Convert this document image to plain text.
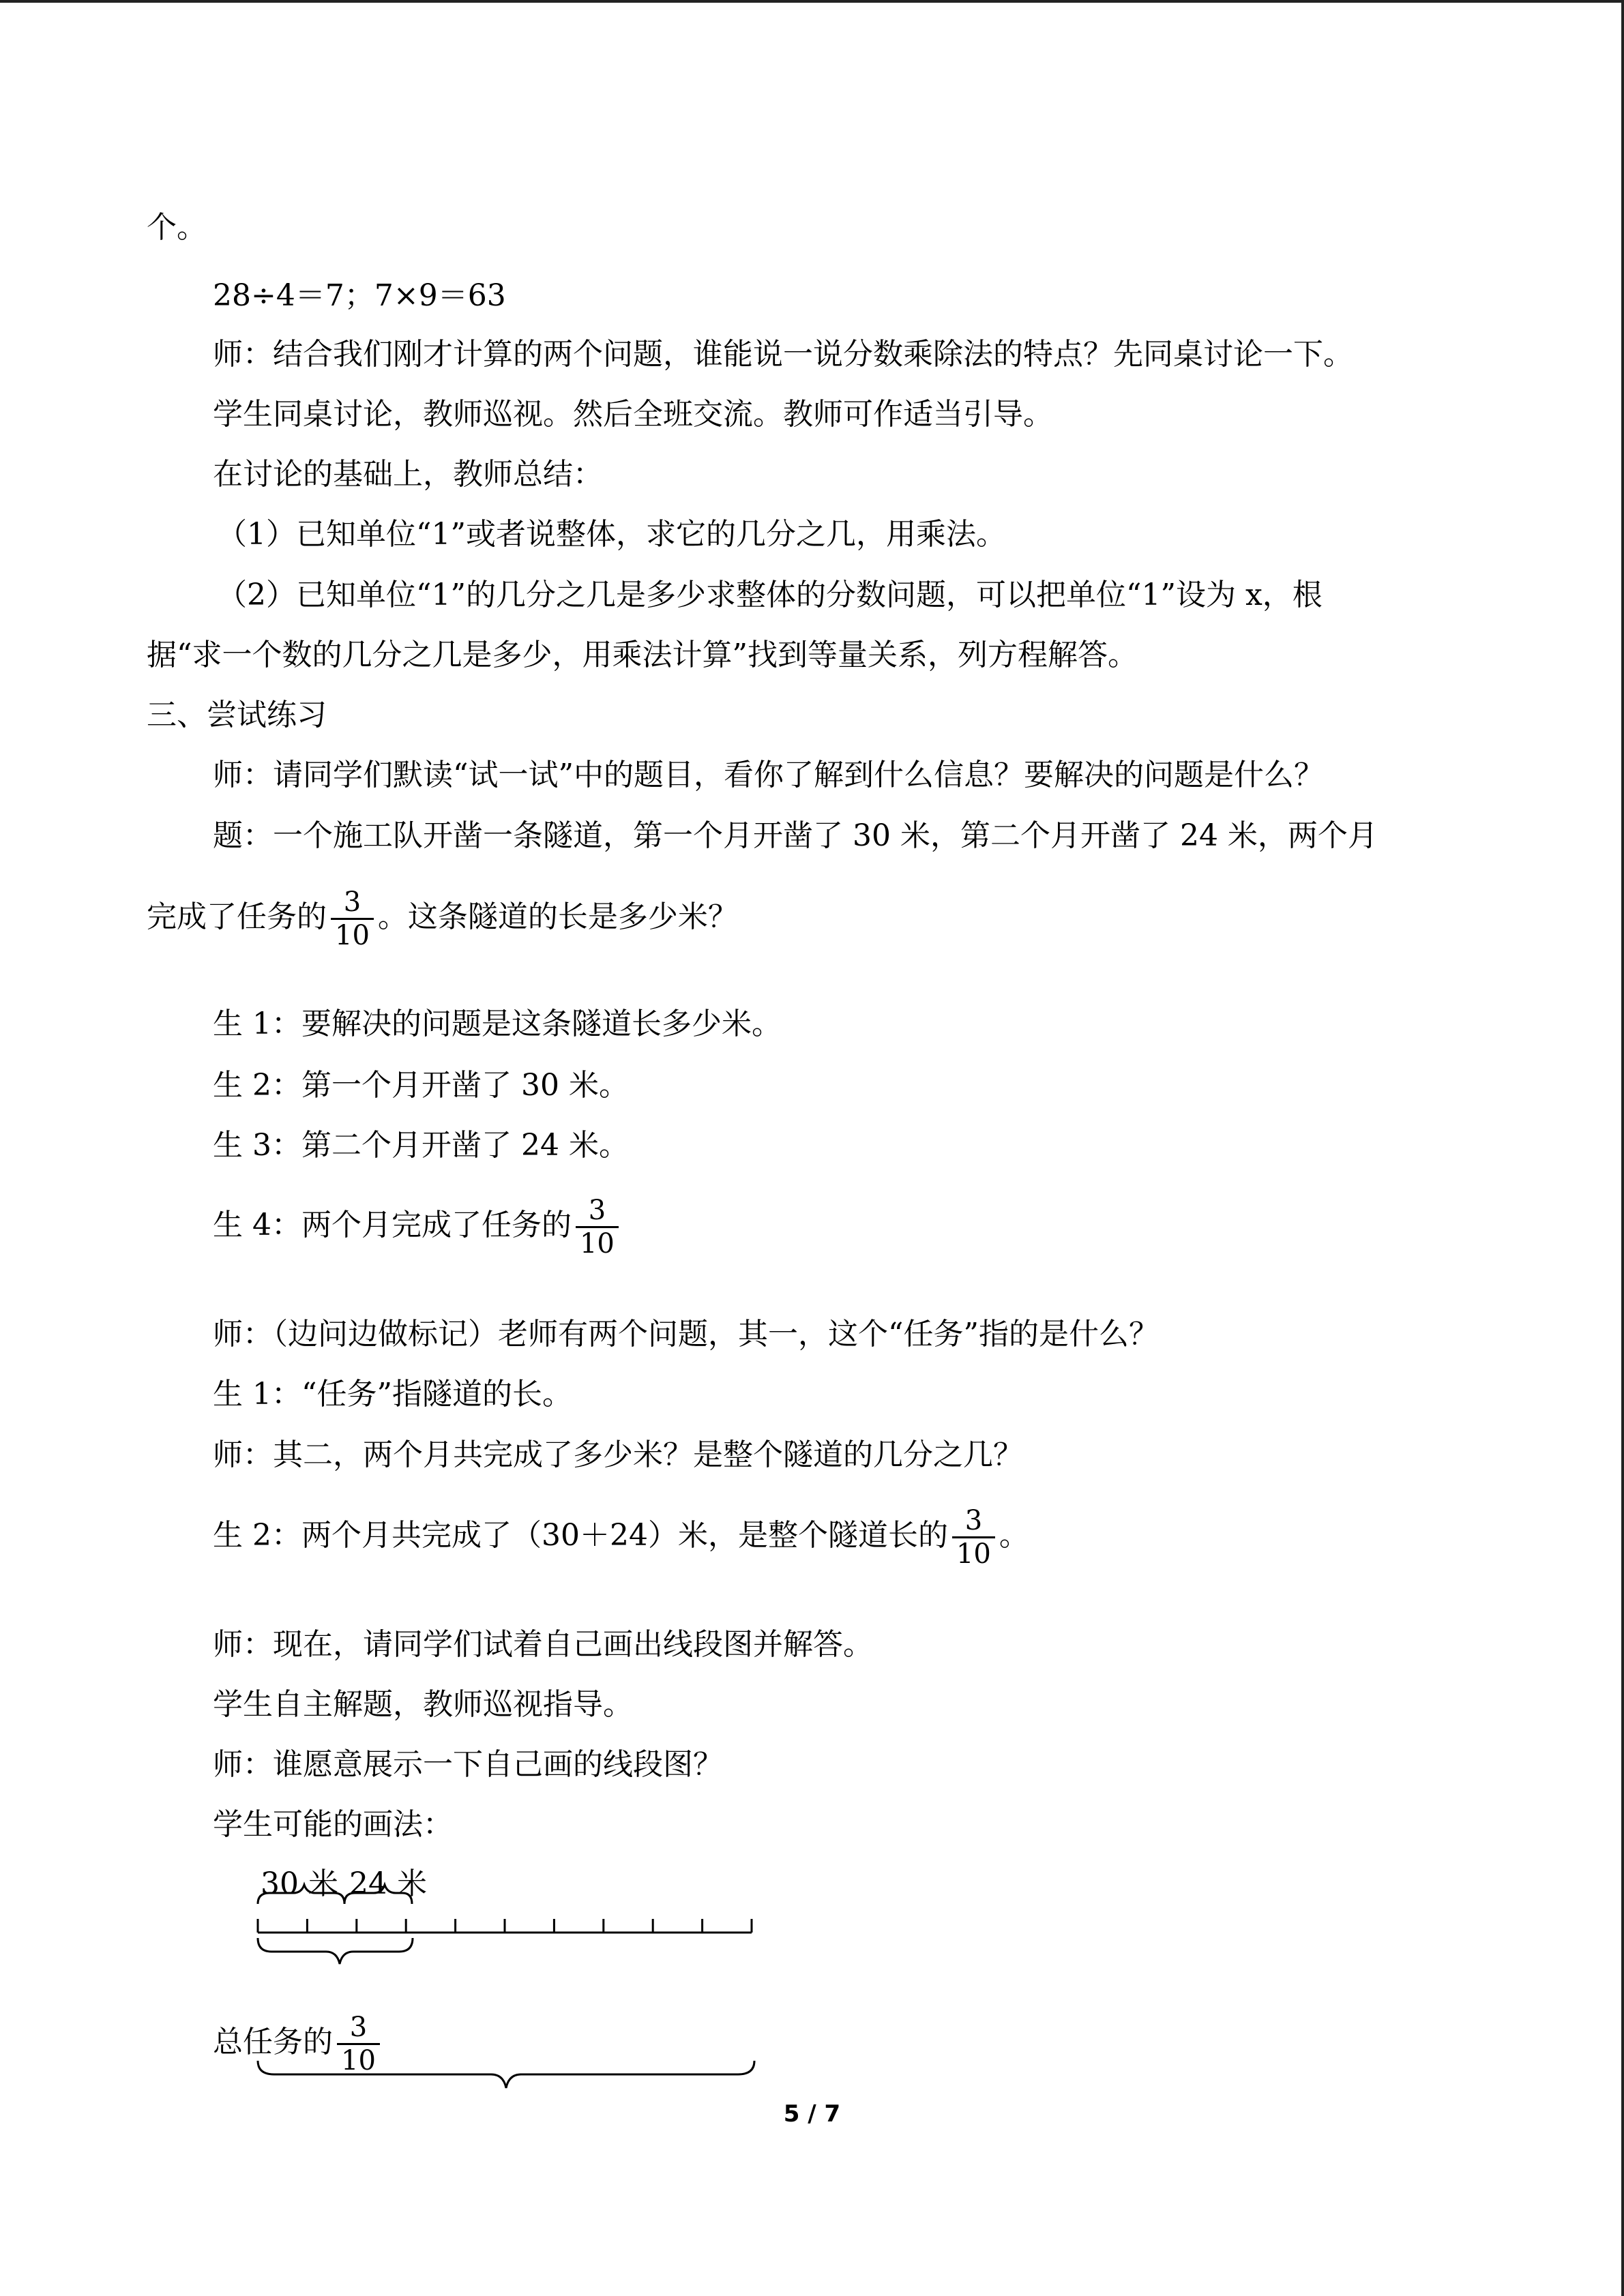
个。
28÷4＝7；7×9＝63
师：结合我们刚才计算的两个问题，谁能说一说分数乘除法的特点？先同桌讨论一下。
学生同桌讨论，教师巡视。然后全班交流。教师可作适当引导。
在讨论的基础上，教师总结：
（1）已知单位“1”或者说整体，求它的几分之几，用乘法。
（2）已知单位“1”的几分之几是多少求整体的分数问题，可以把单位“1”设为 x，根
据“求一个数的几分之几是多少，用乘法计算”找到等量关系，列方程解答。
三、尝试练习
师：请同学们默读“试一试”中的题目，看你了解到什么信息？要解决的问题是什么？
题：一个施工队开凿一条隧道，第一个月开凿了 30 米，第二个月开凿了 24 米，两个月
完成了任务的 $\frac{3}{10}$ 。这条隧道的长是多少米？
生 1：要解决的问题是这条隧道长多少米。
生 2：第一个月开凿了 30 米。
生 3：第二个月开凿了 24 米。
生 4：两个月完成了任务的 $\frac{3}{10}$
师：（边问边做标记）老师有两个问题，其一，这个“任务”指的是什么？
生 1：“任务”指隧道的长。
师：其二，两个月共完成了多少米？是整个隧道的几分之几？
生 2：两个月共完成了（30＋24）米，是整个隧道长的 $\frac{3}{10}$ 。
师：现在，请同学们试着自己画出线段图并解答。
学生自主解题，教师巡视指导。
师：谁愿意展示一下自己画的线段图？
学生可能的画法：
30 米 24 米
总任务的 $\frac{3}{10}$
5 / 7
